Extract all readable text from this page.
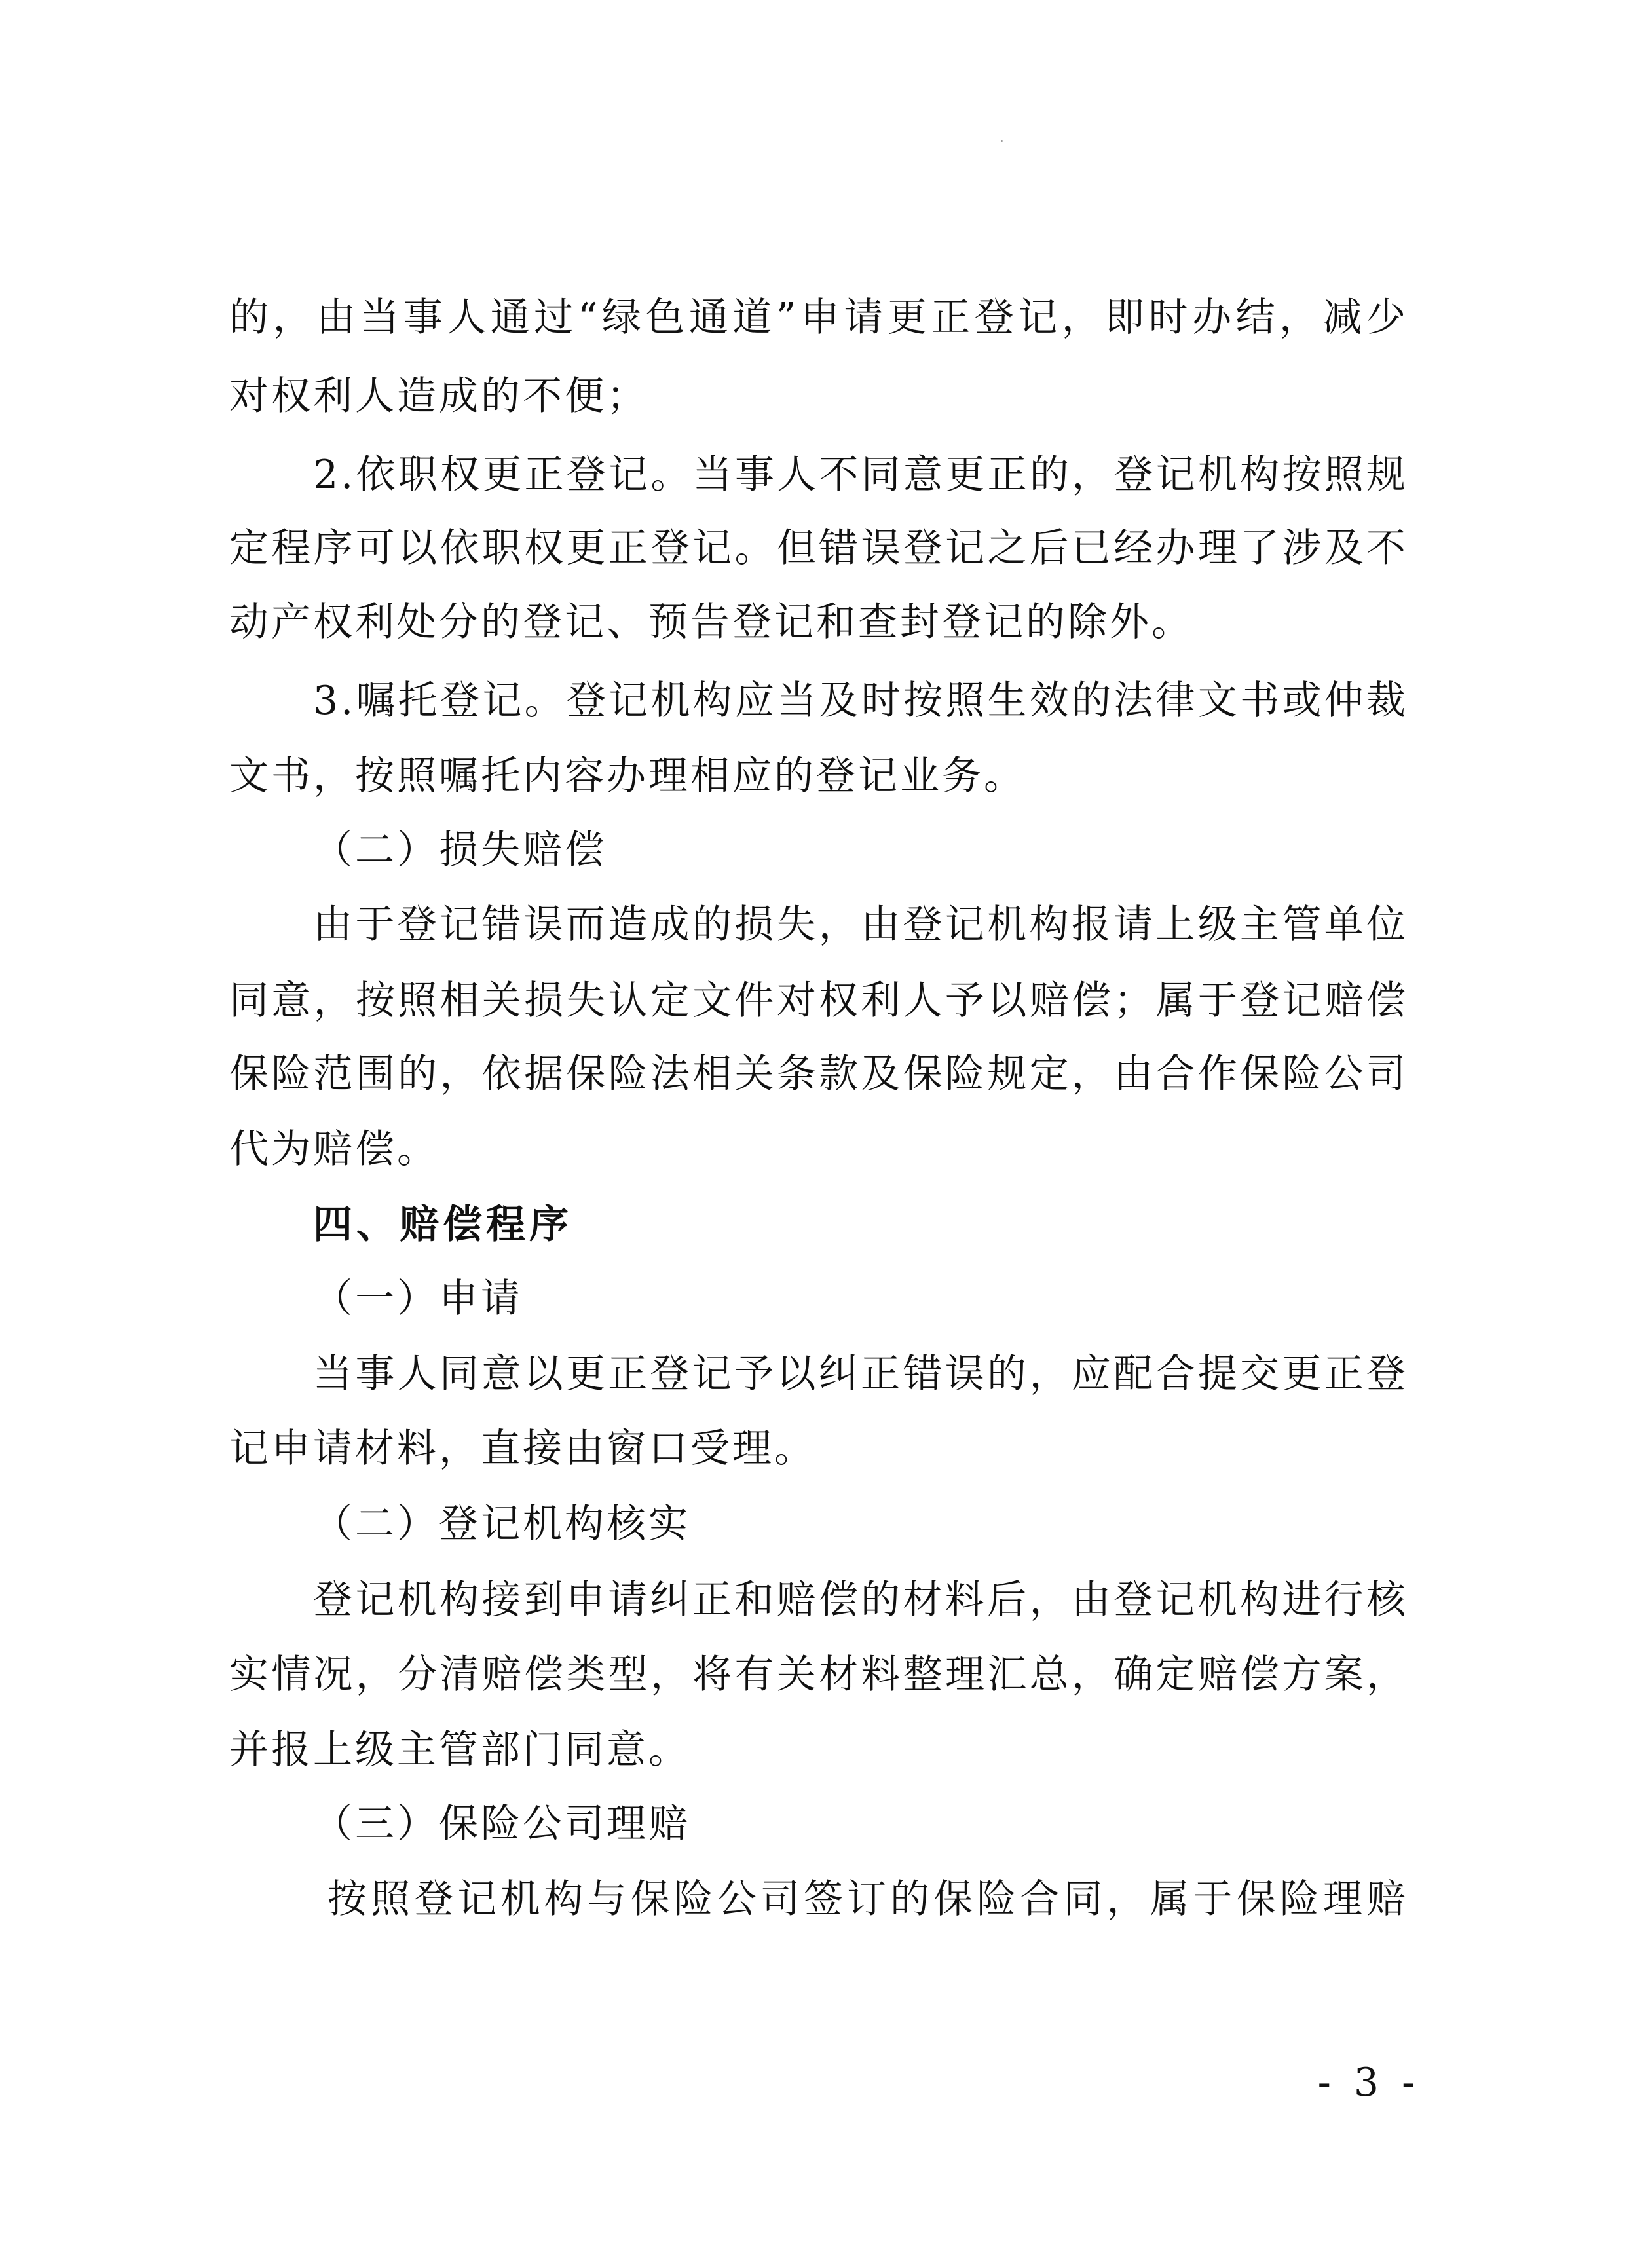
的，由当事人通过“绿色通道”申请更正登记，即时办结，减少
对权利人造成的不便；
2.依职权更正登记。当事人不同意更正的，登记机构按照规
定程序可以依职权更正登记。但错误登记之后已经办理了涉及不
动产权利处分的登记、预告登记和查封登记的除外。
3.嘱托登记。登记机构应当及时按照生效的法律文书或仲裁
文书，按照嘱托内容办理相应的登记业务。
（二）损失赔偿
由于登记错误而造成的损失，由登记机构报请上级主管单位
同意，按照相关损失认定文件对权利人予以赔偿；属于登记赔偿
保险范围的，依据保险法相关条款及保险规定，由合作保险公司
代为赔偿。
四、赔偿程序
（一）申请
当事人同意以更正登记予以纠正错误的，应配合提交更正登
记申请材料，直接由窗口受理。
（二）登记机构核实
登记机构接到申请纠正和赔偿的材料后，由登记机构进行核
实情况，分清赔偿类型，将有关材料整理汇总，确定赔偿方案，
并报上级主管部门同意。
（三）保险公司理赔
按照登记机构与保险公司签订的保险合同，属于保险理赔
- 3 -
